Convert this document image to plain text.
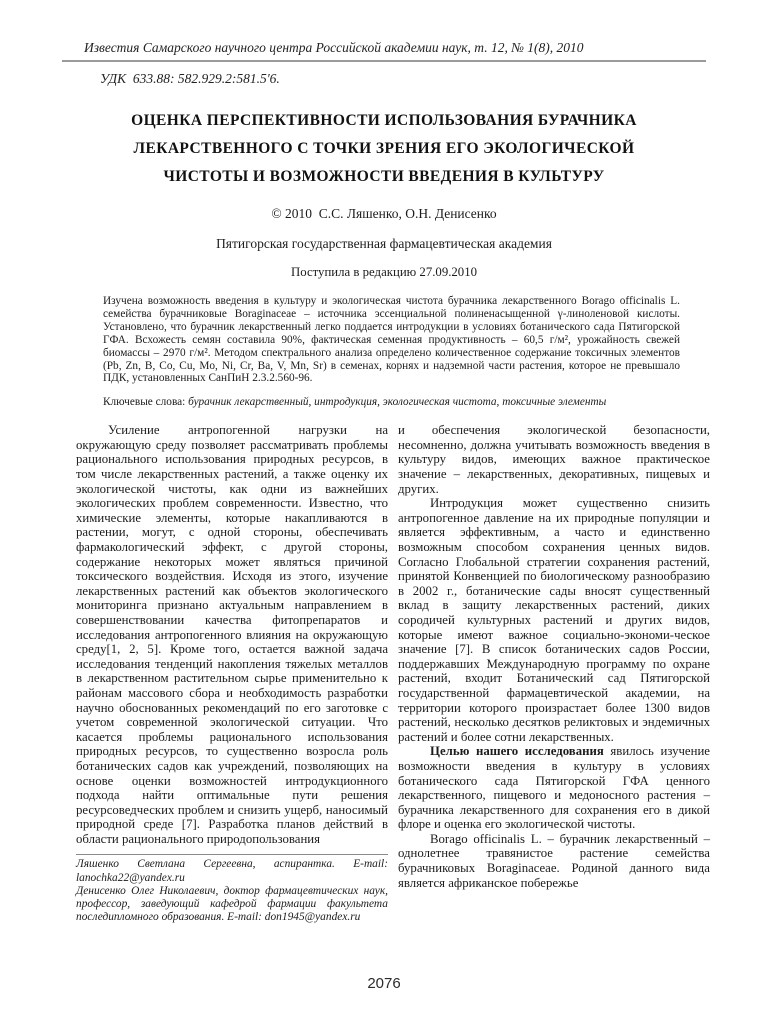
Известия Самарского научного центра Российской академии наук, т. 12, № 1(8), 2010
УДК  633.88: 582.929.2:581.5'6.
ОЦЕНКА ПЕРСПЕКТИВНОСТИ ИСПОЛЬЗОВАНИЯ БУРАЧНИКА
ЛЕКАРСТВЕННОГО С ТОЧКИ ЗРЕНИЯ ЕГО ЭКОЛОГИЧЕСКОЙ
ЧИСТОТЫ И ВОЗМОЖНОСТИ ВВЕДЕНИЯ В КУЛЬТУРУ
© 2010  С.С. Ляшенко, О.Н. Денисенко
Пятигорская государственная фармацевтическая академия
Поступила в редакцию 27.09.2010
Изучена возможность введения в культуру и экологическая чистота бурачника лекарственного Borago officinalis L. семейства бурачниковые Boraginaceae – источника эссенциальной полиненасыщенной γ-линоленовой кислоты. Установлено, что бурачник лекарственный легко поддается интродукции в условиях ботанического сада Пятигорской ГФА. Всхожесть семян составила 90%, фактическая семенная продуктивность – 60,5 г/м², урожайность свежей биомассы – 2970 г/м². Методом спектрального анализа определено количественное содержание токсичных элементов (Pb, Zn, B, Co, Cu, Mo, Ni, Cr, Ba, V, Mn, Sr) в семенах, корнях и надземной части растения, которое не превышало ПДК, установленных СанПиН 2.3.2.560-96.
Ключевые слова: бурачник лекарственный, интродукция, экологическая чистота, токсичные элементы

Усиление антропогенной нагрузки на окружающую среду позволяет рассматривать проблемы рационального использования природных ресурсов, в том числе лекарственных растений, а также оценку их экологической чистоты, как одни из важнейших экологических проблем современности. Известно, что химические элементы, которые накапливаются в растении, могут, с одной стороны, обеспечивать фармакологический эффект, с другой стороны, содержание некоторых может являться причиной токсического воздействия. Исходя из этого, изучение лекарственных растений как объектов экологического мониторинга признано актуальным направлением в совершенствовании качества фитопрепаратов и исследования антропогенного влияния на окружающую среду[1, 2, 5]. Кроме того, остается важной задача исследования тенденций накопления тяжелых металлов в лекарственном растительном сырье применительно к районам массового сбора и необходимость разработки научно обоснованных рекомендаций по его заготовке с учетом современной экологической ситуации. Что касается проблемы рационального использования природных ресурсов, то существенно возросла роль ботанических садов как учреждений, позволяющих на основе оценки возможностей интродукционного подхода найти оптимальные пути решения ресурсоведческих проблем и снизить ущерб, наносимый природной среде [7]. Разработка планов действий в области рационального природопользования

Ляшенко Светлана Сергеевна, аспирантка. E-mail: lanochka22@yandex.ru

Денисенко Олег Николаевич, доктор фармацевтических наук, профессор, заведующий кафедрой фармации факультета последипломного образования. E-mail: don1945@yandex.ru

и обеспечения экологической безопасности, несомненно, должна учитывать возможность введения в культуру видов, имеющих важное практическое значение – лекарственных, декоративных, пищевых и других.

Интродукция может существенно снизить антропогенное давление на их природные популяции и является эффективным, а часто и единственно возможным способом сохранения ценных видов. Согласно Глобальной стратегии сохранения растений, принятой Конвенцией по биологическому разнообразию в 2002 г., ботанические сады вносят существенный вклад в защиту лекарственных растений, диких сородичей культурных растений и других видов, которые имеют важное социально-экономи-ческое значение [7]. В список ботанических садов России, поддержавших Международную программу по охране растений, входит Ботанический сад Пятигорской государственной фармацевтической академии, на территории которого произрастает более 1300 видов растений, несколько десятков реликтовых и эндемичных растений и более сотни лекарственных.

Целью нашего исследования явилось изучение возможности введения в культуру в условиях ботанического сада Пятигорской ГФА ценного лекарственного, пищевого и медоносного растения – бурачника лекарственного для сохранения его в дикой флоре и оценка его экологической чистоты.

Borago officinalis L. – бурачник лекарственный – однолетнее травянистое растение семейства бурачниковых Boraginaceae. Родиной данного вида является африканское побережье

2076
